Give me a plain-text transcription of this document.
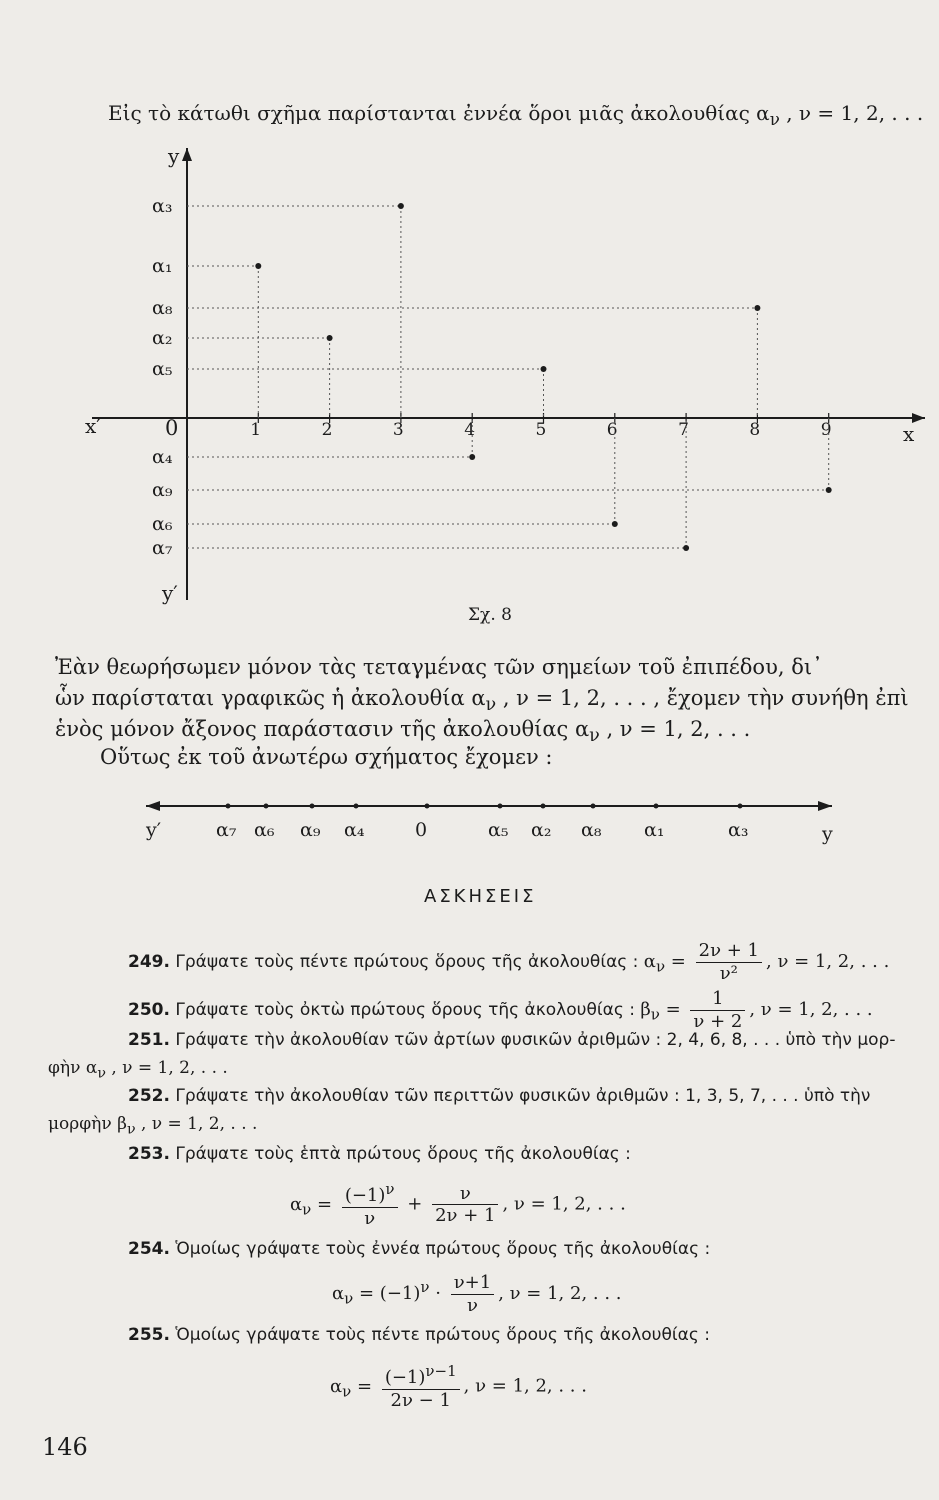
Εἰς τὸ κάτωθι σχῆμα παρίστανται ἐννέα ὅροι μιᾶς ἀκολουθίας $\alpha_\nu$ , ν = 1, 2, . . .
x′	x
y
y′
0	1	2	3	4	5	6	7	8	9
α₁
α₂
α₃
α₄
α₅
α₆
α₇
α₈
α₉
Σχ. 8
Ἐὰν θεωρήσωμεν μόνον τὰς τεταγμένας τῶν σημείων τοῦ ἐπιπέδου, δι᾽
ὧν παρίσταται γραφικῶς ἡ ἀκολουθία $\alpha_\nu$ , ν = 1, 2, . . . , ἔχομεν τὴν συνήθη ἐπὶ
ἑνὸς μόνον ἄξονος παράστασιν τῆς ἀκολουθίας $\alpha_\nu$ , ν = 1, 2, . . .
Οὕτως ἐκ τοῦ ἀνωτέρω σχήματος ἔχομεν :
y′	y
α₇ α₆ α₉ α₄	0	α₅ α₂ α₈ α₁	α₃
ΑΣΚΗΣΕΙΣ
249. Γράψατε τοὺς πέντε πρώτους ὅρους τῆς ἀκολουθίας : $\alpha_\nu = \frac{2\nu + 1}{\text{ν²}}$ , ν = 1, 2, . . .
250. Γράψατε τοὺς ὀκτὼ πρώτους ὅρους τῆς ἀκολουθίας : $\beta_\nu = \frac{1}{\nu + 2}$ , ν = 1, 2, . . .
251. Γράψατε τὴν ἀκολουθίαν τῶν ἀρτίων φυσικῶν ἀριθμῶν : 2, 4, 6, 8, . . . ὑπὸ τὴν μορ-
φὴν $\alpha_\nu$ , ν = 1, 2, . . .
252. Γράψατε τὴν ἀκολουθίαν τῶν περιττῶν φυσικῶν ἀριθμῶν : 1, 3, 5, 7, . . . ὑπὸ τὴν
μορφὴν $\beta_\nu$ , ν = 1, 2, . . .
253. Γράψατε τοὺς ἑπτὰ πρώτους ὅρους τῆς ἀκολουθίας :
$\alpha_\nu = \frac{(-1)^\nu}{\nu} + \frac{\nu}{2\nu + 1}$ , ν = 1, 2, . . .
254. Ὁμοίως γράψατε τοὺς ἐννέα πρώτους ὅρους τῆς ἀκολουθίας :
$\alpha_\nu = (-1)^\nu \cdot \frac{\nu+1}{\nu}$ , ν = 1, 2, . . .
255. Ὁμοίως γράψατε τοὺς πέντε πρώτους ὅρους τῆς ἀκολουθίας :
$\alpha_\nu = \frac{(-1)^{\nu-1}}{2\nu - 1}$ , ν = 1, 2, . . .
146
